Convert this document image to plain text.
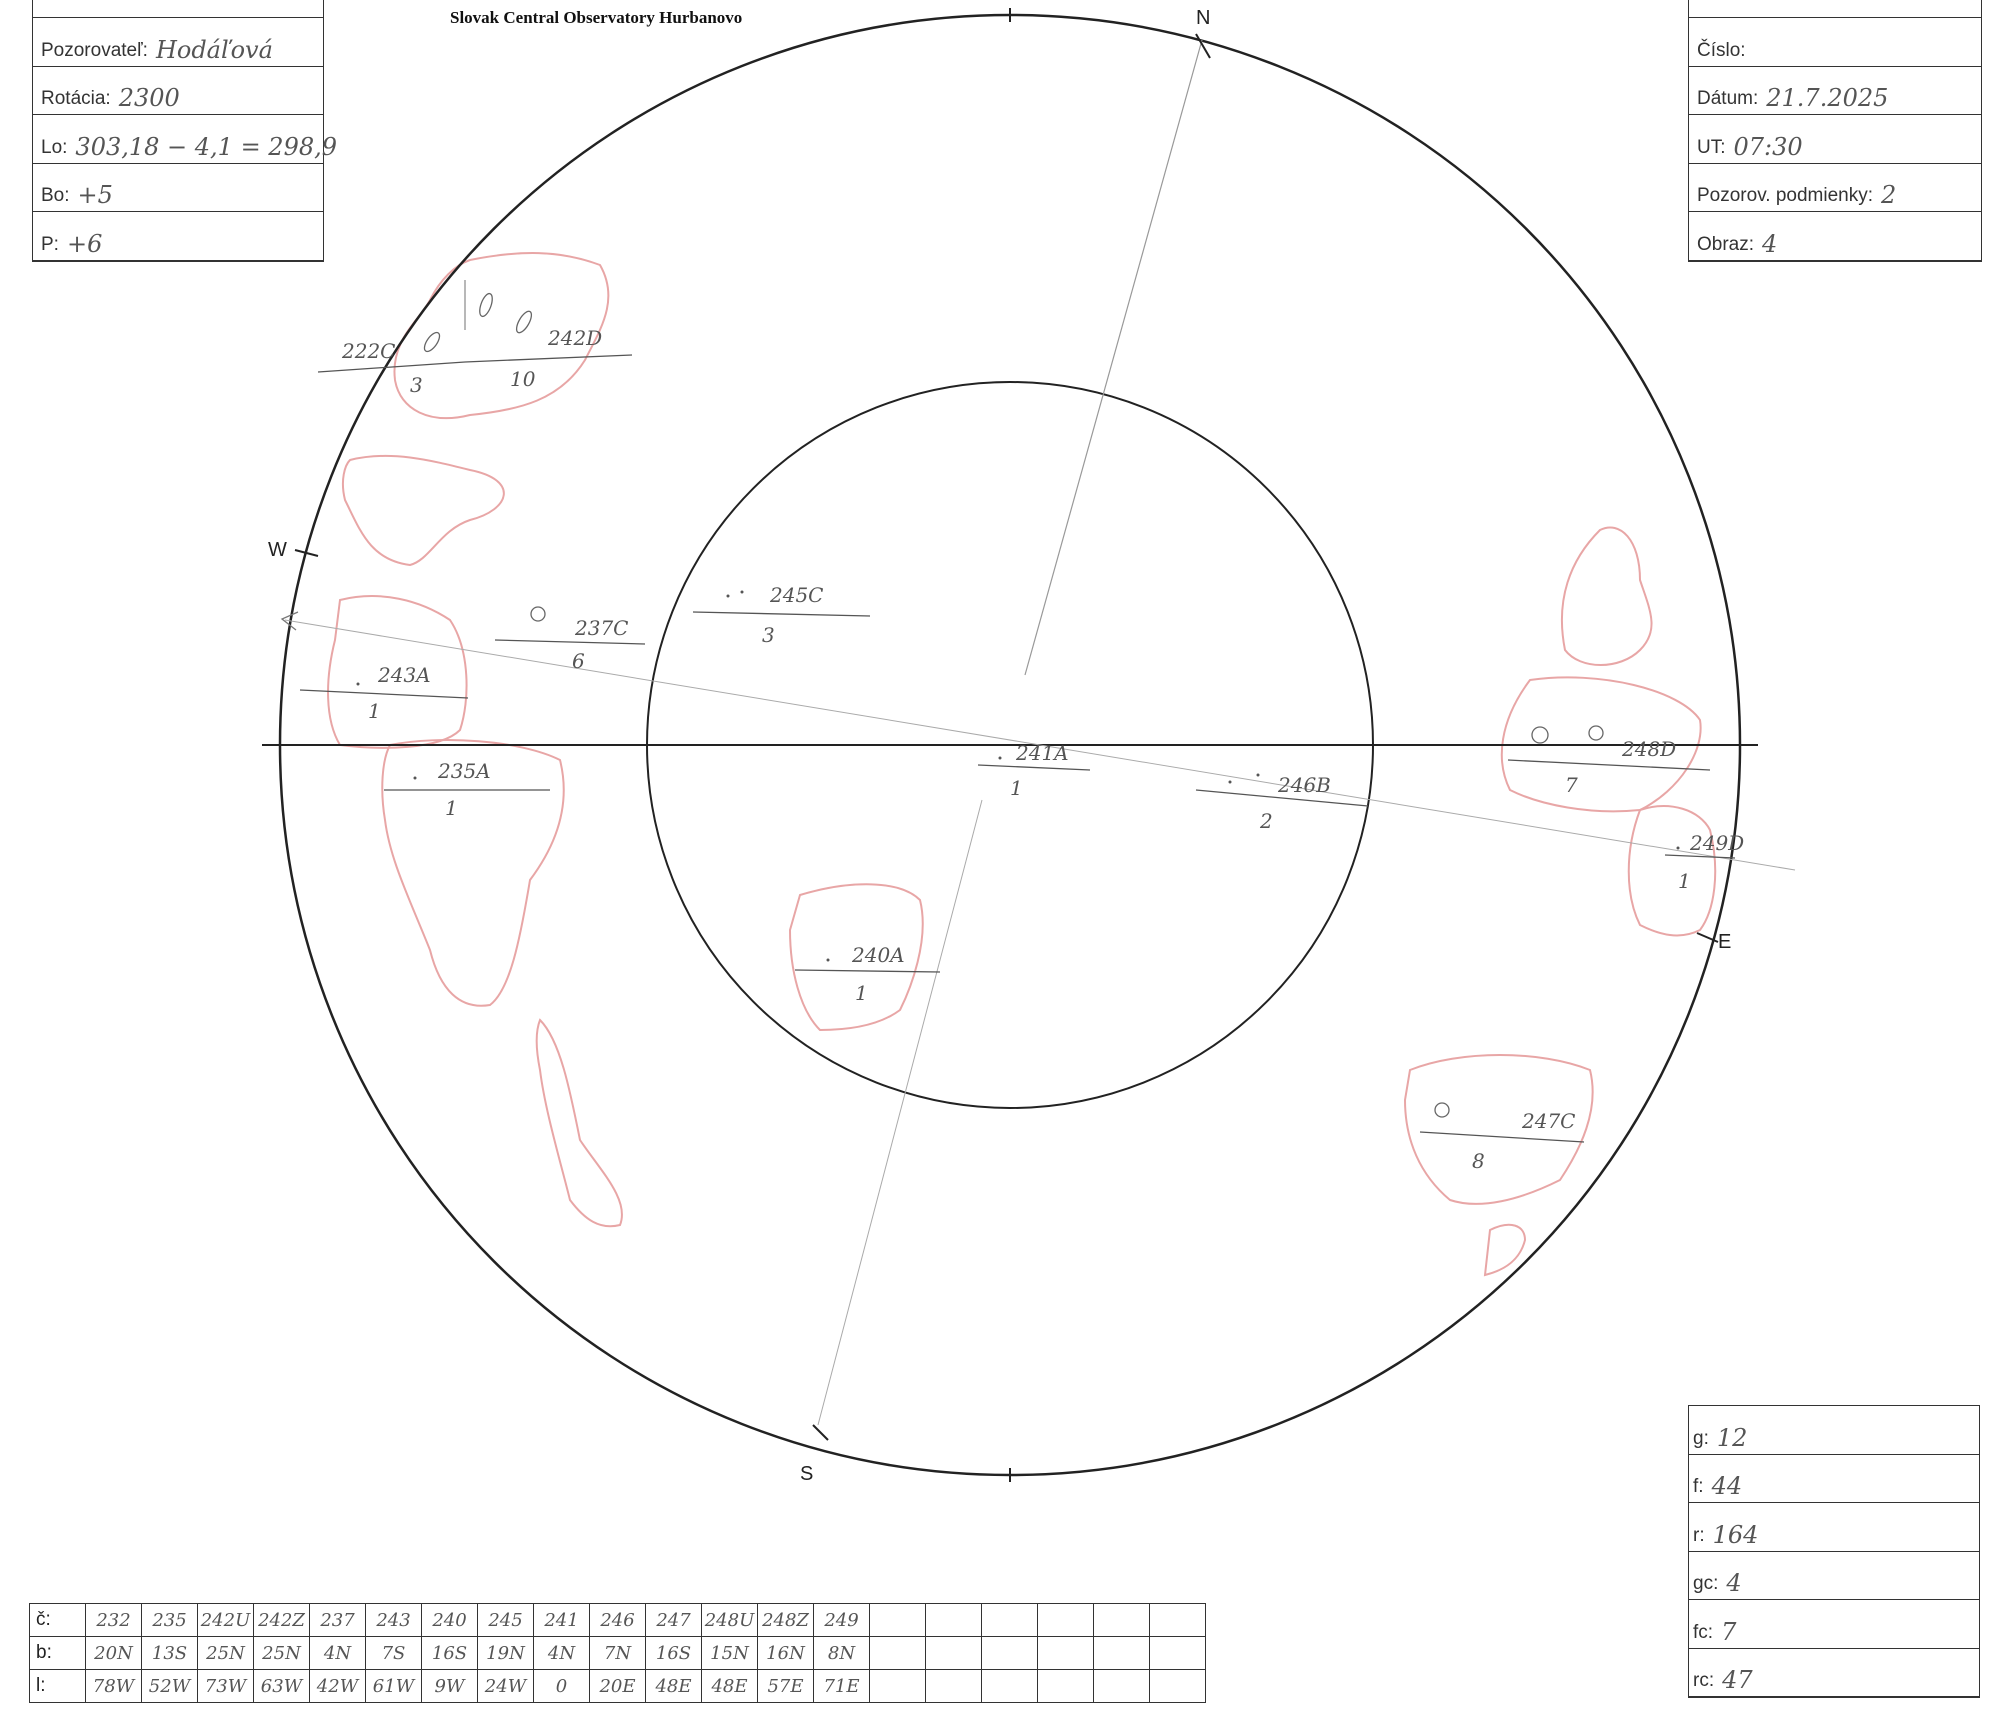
Slovak Central Observatory Hurbanovo	N
S
W
E
222C
3
242D
10
243A
1
237C
6
245C
3
235A
1
241A
1	246B
2
240A
1
248D
7
249D
1
247C
8
Pozorovateľ: Hodáľová
Rotácia: 2300
Lo: 303,18 − 4,1 = 298,9
Bo: +5
P: +6
Číslo:
Dátum: 21.7.2025
UT: 07:30
Pozorov. podmienky: 2
Obraz: 4
g: 12
f: 44
r: 164
gc: 4
fc: 7
rc: 47
č:	232	235	242U	242Z	237	243	240	245	241	246	247	248U	248Z	249						
b:	20N	13S	25N	25N	4N	7S	16S	19N	4N	7N	16S	15N	16N	8N						
l:	78W	52W	73W	63W	42W	61W	9W	24W	0	20E	48E	48E	57E	71E						
